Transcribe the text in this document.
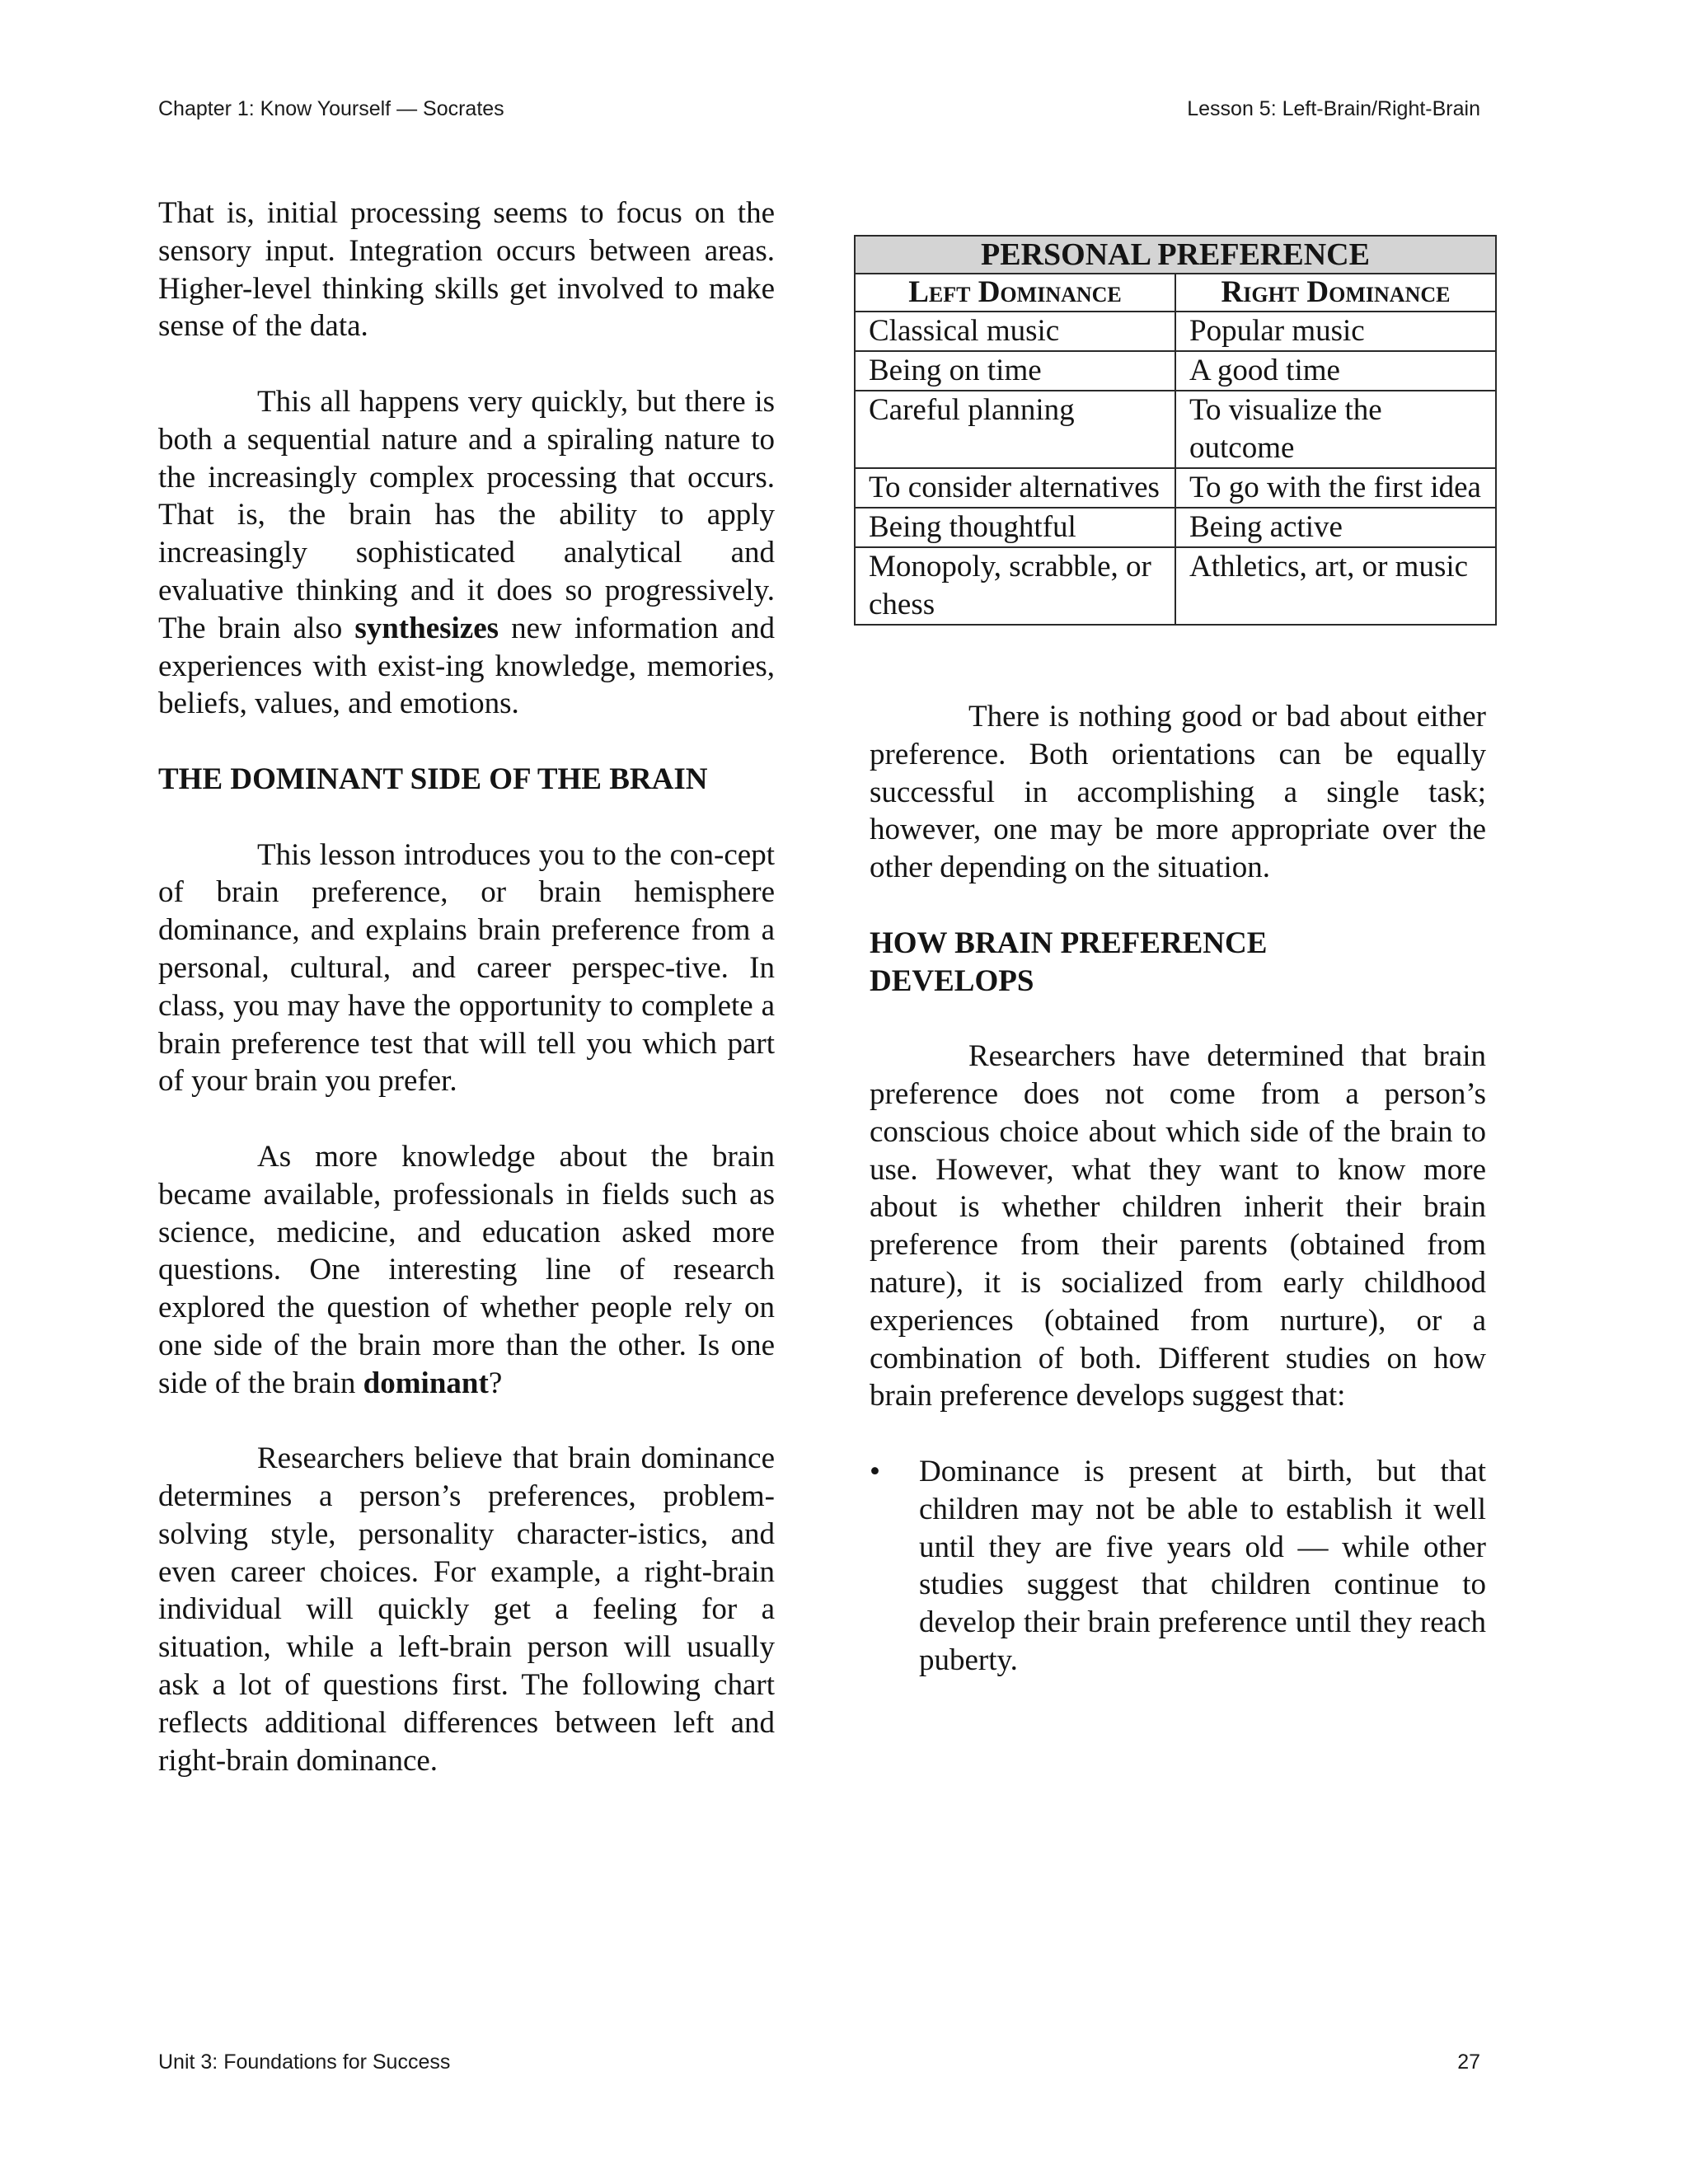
Chapter 1: Know Yourself — Socrates	Lesson 5: Left-Brain/Right-Brain

That is, initial processing seems to focus on the sensory input. Integration occurs between areas. Higher-level thinking skills get involved to make sense of the data.

This all happens very quickly, but there is both a sequential nature and a spiraling nature to the increasingly complex processing that occurs. That is, the brain has the ability to apply increasingly sophisticated analytical and evaluative thinking and it does so progressively. The brain also synthesizes new information and experiences with exist-ing knowledge, memories, beliefs, values, and emotions.

THE DOMINANT SIDE OF THE BRAIN

This lesson introduces you to the con-cept of brain preference, or brain hemisphere dominance, and explains brain preference from a personal, cultural, and career perspec-tive. In class, you may have the opportunity to complete a brain preference test that will tell you which part of your brain you prefer.

As more knowledge about the brain became available, professionals in fields such as science, medicine, and education asked more questions. One interesting line of research explored the question of whether people rely on one side of the brain more than the other. Is one side of the brain dominant?

Researchers believe that brain dominance determines a person’s preferences, problem-solving style, personality character-istics, and even career choices. For example, a right-brain individual will quickly get a feeling for a situation, while a left-brain person will usually ask a lot of questions first. The following chart reflects additional differences between left and right-brain dominance.

PERSONAL PREFERENCE	
Left Dominance	Right Dominance
Classical music	Popular music
Being on time	A good time
Careful planning	To visualize the outcome
To consider alternatives	To go with the first idea
Being thoughtful	Being active
Monopoly, scrabble, or chess	Athletics, art, or music

There is nothing good or bad about either preference. Both orientations can be equally successful in accomplishing a single task; however, one may be more appropriate over the other depending on the situation.

HOW BRAIN PREFERENCE
DEVELOPS

Researchers have determined that brain preference does not come from a person’s conscious choice about which side of the brain to use. However, what they want to know more about is whether children inherit their brain preference from their parents (obtained from nature), it is socialized from early childhood experiences (obtained from nurture), or a combination of both. Different studies on how brain preference develops suggest that:

• Dominance is present at birth, but that children may not be able to establish it well until they are five years old — while other studies suggest that children continue to develop their brain preference until they reach puberty.
Unit 3: Foundations for Success	27
